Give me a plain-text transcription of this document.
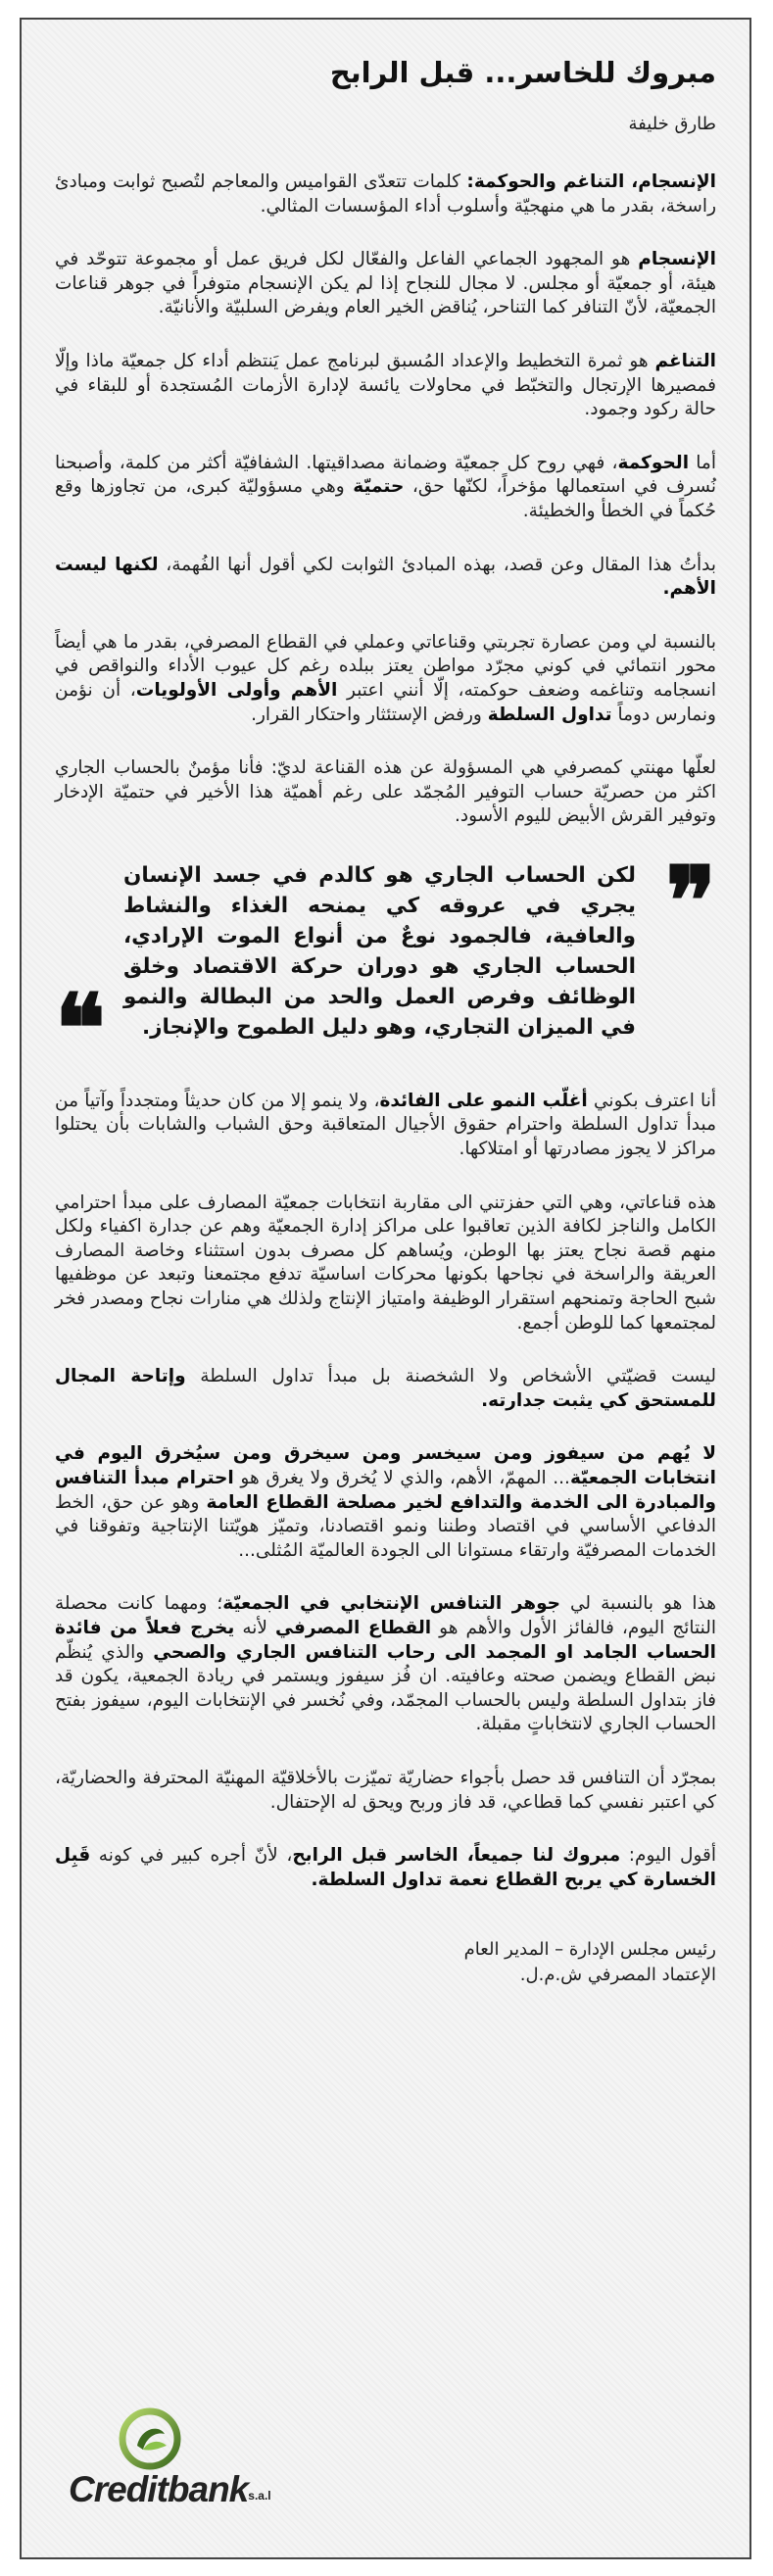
مبروك للخاسر... قبل الرابح
طارق خليفة

الإنسجام، التناغم والحوكمة: كلمات تتعدّى القواميس والمعاجم لتُصبح ثوابت ومبادئ راسخة، بقدر ما هي منهجيّة وأسلوب أداء المؤسسات المثالي.

الإنسجام هو المجهود الجماعي الفاعل والفعّال لكل فريق عمل أو مجموعة تتوحّد في هيئة، أو جمعيّة أو مجلس. لا مجال للنجاح إذا لم يكن الإنسجام متوفراً في جوهر قناعات الجمعيّة، لأنّ التنافر كما التناحر، يُناقض الخير العام ويفرض السلبيّة والأنانيّة.

التناغم هو ثمرة التخطيط والإعداد المُسبق لبرنامج عمل يَنتظم أداء كل جمعيّة ماذا وإلّا فمصيرها الإرتجال والتخبّط في محاولات يائسة لإدارة الأزمات المُستجدة أو للبقاء في حالة ركود وجمود.

أما الحوكمة، فهي روح كل جمعيّة وضمانة مصداقيتها. الشفافيّة أكثر من كلمة، وأصبحنا نُسرف في استعمالها مؤخراً، لكنّها حق، حتميّة وهي مسؤوليّة كبرى، من تجاوزها وقع حُكماً في الخطأ والخطيئة.

بدأتُ هذا المقال وعن قصد، بهذه المبادئ الثوابت لكي أقول أنها الفُهمة، لكنها ليست الأهم.

بالنسبة لي ومن عصارة تجربتي وقناعاتي وعملي في القطاع المصرفي، بقدر ما هي أيضاً محور انتمائي في كوني مجرّد مواطن يعتز ببلده رغم كل عيوب الأداء والنواقص في انسجامه وتناغمه وضعف حوكمته، إلّا أنني اعتبر الأهم وأولى الأولويات، أن نؤمن ونمارس دوماً تداول السلطة ورفض الإستئثار واحتكار القرار.

لعلّها مهنتي كمصرفي هي المسؤولة عن هذه القناعة لديّ: فأنا مؤمنٌ بالحساب الجاري اكثر من حصريّة حساب التوفير المُجمّد على رغم أهميّة هذا الأخير في حتميّة الإدخار وتوفير القرش الأبيض لليوم الأسود.

❞
لكن الحساب الجاري هو كالدم في جسد الإنسان يجري في عروقه كي يمنحه الغذاء والنشاط والعافية، فالجمود نوعٌ من أنواع الموت الإرادي، الحساب الجاري هو دوران حركة الاقتصاد وخلق الوظائف وفرص العمل والحد من البطالة والنمو في الميزان التجاري، وهو دليل الطموح والإنجاز.
❝

أنا اعترف بكوني أغلّب النمو على الفائدة، ولا ينمو إلا من كان حديثاً ومتجدداً وآتياً من مبدأ تداول السلطة واحترام حقوق الأجيال المتعاقبة وحق الشباب والشابات بأن يحتلوا مراكز لا يجوز مصادرتها أو امتلاكها.

هذه قناعاتي، وهي التي حفزتني الى مقاربة انتخابات جمعيّة المصارف على مبدأ احترامي الكامل والناجز لكافة الذين تعاقبوا على مراكز إدارة الجمعيّة وهم عن جدارة اكفياء ولكل منهم قصة نجاح يعتز بها الوطن، ويُساهم كل مصرف بدون استثناء وخاصة المصارف العريقة والراسخة في نجاحها بكونها محركات اساسيّة تدفع مجتمعنا وتبعد عن موظفيها شبح الحاجة وتمنحهم استقرار الوظيفة وامتياز الإنتاج ولذلك هي منارات نجاح ومصدر فخر لمجتمعها كما للوطن أجمع.

ليست قضيّتي الأشخاص ولا الشخصنة بل مبدأ تداول السلطة وإتاحة المجال للمستحق كي يثبت جدارته.

لا يُهم من سيفوز ومن سيخسر ومن سيخرق ومن سيُخرق اليوم في انتخابات الجمعيّة... المهمّ، الأهم، والذي لا يُخرق ولا يغرق هو احترام مبدأ التنافس والمبادرة الى الخدمة والتدافع لخير مصلحة القطاع العامة وهو عن حق، الخط الدفاعي الأساسي في اقتصاد وطننا ونمو اقتصادنا، وتميّز هويّتنا الإنتاجية وتفوقنا في الخدمات المصرفيّة وارتقاء مستوانا الى الجودة العالميّة المُثلى...

هذا هو بالنسبة لي جوهر التنافس الإنتخابي في الجمعيّة؛ ومهما كانت محصلة النتائج اليوم، فالفائز الأول والأهم هو القطاع المصرفي لأنه يخرج فعلاً من فائدة الحساب الجامد او المجمد الى رحاب التنافس الجاري والصحي والذي يُنظّم نبض القطاع ويضمن صحته وعافيته. ان فُز سيفوز ويستمر في ريادة الجمعية، يكون قد فاز بتداول السلطة وليس بالحساب المجمّد، وفي نُخسر في الإنتخابات اليوم، سيفوز بفتح الحساب الجاري لانتخاباتٍ مقبلة.

بمجرّد أن التنافس قد حصل بأجواء حضاريّة تميّزت بالأخلاقيّة المهنيّة المحترفة والحضاريّة، كي اعتبر نفسي كما قطاعي، قد فاز وربح ويحق له الإحتفال.

أقول اليوم: مبروك لنا جميعاً، الخاسر قبل الرابح، لأنّ أجره كبير في كونه قَبِل الخسارة كي يربح القطاع نعمة تداول السلطة.

رئيس مجلس الإدارة – المدير العام
الإعتماد المصرفي ش.م.ل.
Creditbanks.a.l
